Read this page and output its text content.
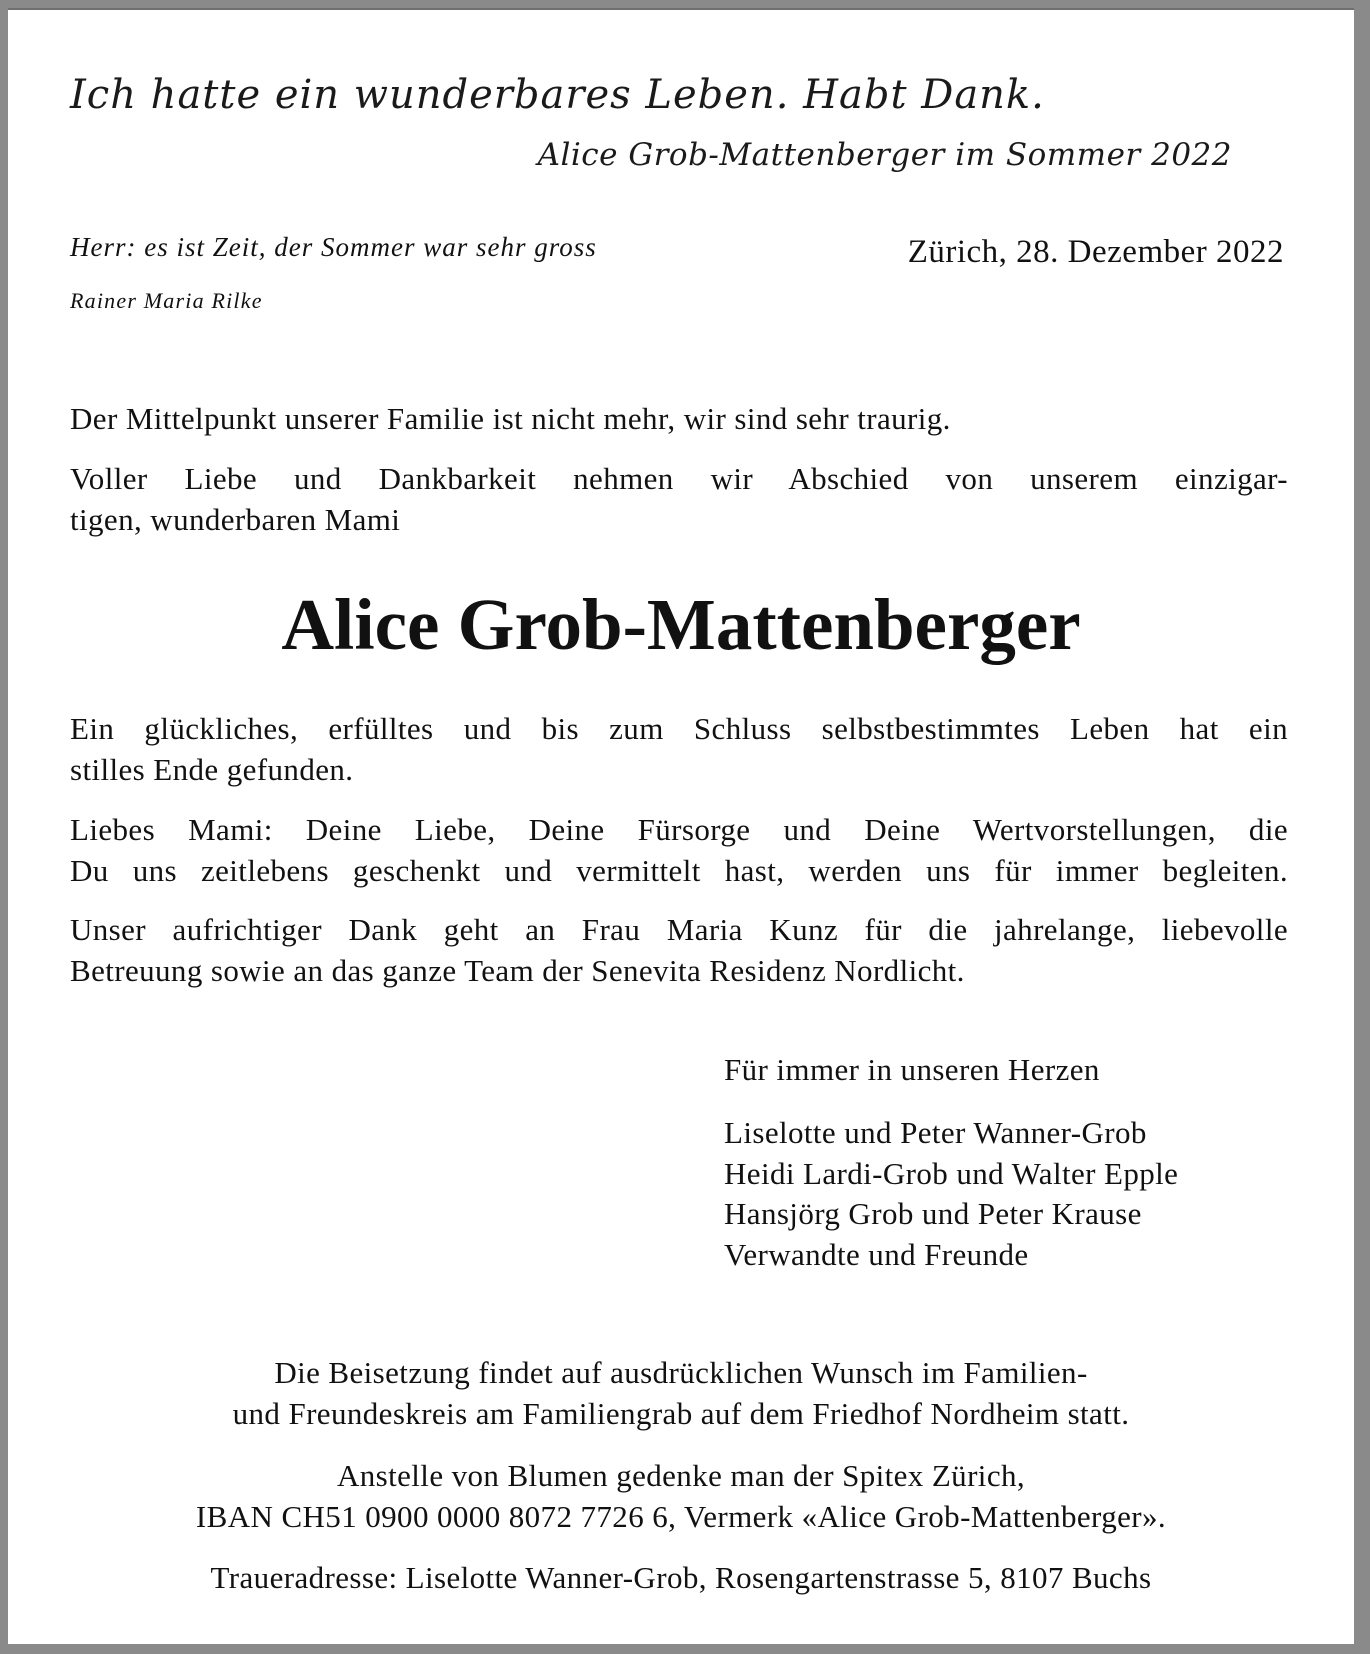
Ich hatte ein wunderbares Leben. Habt Dank.
Alice Grob-Mattenberger im Sommer 2022
Herr: es ist Zeit, der Sommer war sehr gross
Rainer Maria Rilke
Zürich, 28. Dezember 2022
Der Mittelpunkt unserer Familie ist nicht mehr, wir sind sehr traurig.
Voller Liebe und Dankbarkeit nehmen wir Abschied von unserem einzigar-
tigen, wunderbaren Mami
Alice Grob-Mattenberger
Ein glückliches, erfülltes und bis zum Schluss selbstbestimmtes Leben hat ein
stilles Ende gefunden.
Liebes Mami: Deine Liebe, Deine Fürsorge und Deine Wertvorstellungen, die
Du uns zeitlebens geschenkt und vermittelt hast, werden uns für immer begleiten.
Unser aufrichtiger Dank geht an Frau Maria Kunz für die jahrelange, liebevolle
Betreuung sowie an das ganze Team der Senevita Residenz Nordlicht.
Für immer in unseren Herzen
Liselotte und Peter Wanner-Grob
Heidi Lardi-Grob und Walter Epple
Hansjörg Grob und Peter Krause
Verwandte und Freunde
Die Beisetzung findet auf ausdrücklichen Wunsch im Familien-
und Freundeskreis am Familiengrab auf dem Friedhof Nordheim statt.
Anstelle von Blumen gedenke man der Spitex Zürich,
IBAN CH51 0900 0000 8072 7726 6, Vermerk «Alice Grob-Mattenberger».
Traueradresse: Liselotte Wanner-Grob, Rosengartenstrasse 5, 8107 Buchs
